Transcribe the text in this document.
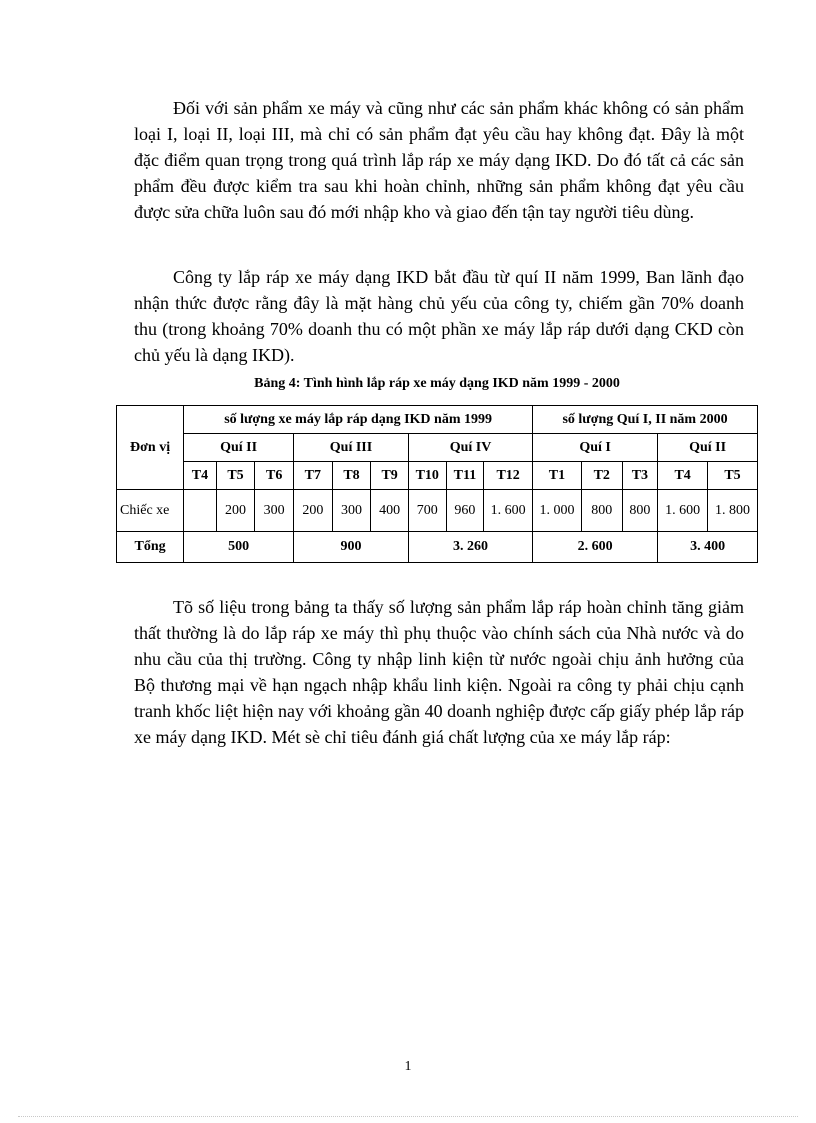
Đối với sản phẩm xe máy và cũng như các sản phẩm khác không có sản phẩm loại I, loại II, loại III, mà chỉ có sản phẩm đạt yêu cầu hay không đạt. Đây là một đặc điểm quan trọng trong quá trình lắp ráp xe máy dạng IKD. Do đó tất cả các sản phẩm đều được kiểm tra sau khi hoàn chỉnh, những sản phẩm không đạt yêu cầu được sửa chữa luôn sau đó mới nhập kho và giao đến tận tay người tiêu dùng.

Công ty lắp ráp xe máy dạng IKD bắt đầu từ quí II năm 1999, Ban lãnh đạo nhận thức được rằng đây là mặt hàng chủ yếu của công ty, chiếm gần 70% doanh thu (trong khoảng 70% doanh thu có một phần xe máy lắp ráp dưới dạng CKD còn chủ yếu là dạng IKD).

Bảng 4: Tình hình lắp ráp xe máy dạng IKD năm 1999 - 2000
Đơn vị	số lượng xe máy lắp ráp dạng IKD năm 1999									số lượng Quí I, II năm 2000				
	Quí II			Quí III			Quí IV			Quí I			Quí II	
	T4	T5	T6	T7	T8	T9	T10	T11	T12	T1	T2	T3	T4	T5
Chiếc xe		200	300	200	300	400	700	960	1. 600	1. 000	800	800	1. 600	1. 800
Tổng	500			900			3. 260			2. 600			3. 400	

Tõ số liệu trong bảng ta thấy số lượng sản phẩm lắp ráp hoàn chỉnh tăng giảm thất thường là do lắp ráp xe máy thì phụ thuộc vào chính sách của Nhà nước và do nhu cầu của thị trường. Công ty nhập linh kiện từ nước ngoài chịu ảnh hưởng của Bộ thương mại về hạn ngạch nhập khẩu linh kiện. Ngoài ra công ty phải chịu cạnh tranh khốc liệt hiện nay với khoảng gần 40 doanh nghiệp được cấp giấy phép lắp ráp xe máy dạng IKD. Mét sè chỉ tiêu đánh giá chất lượng của xe máy lắp ráp:

1
